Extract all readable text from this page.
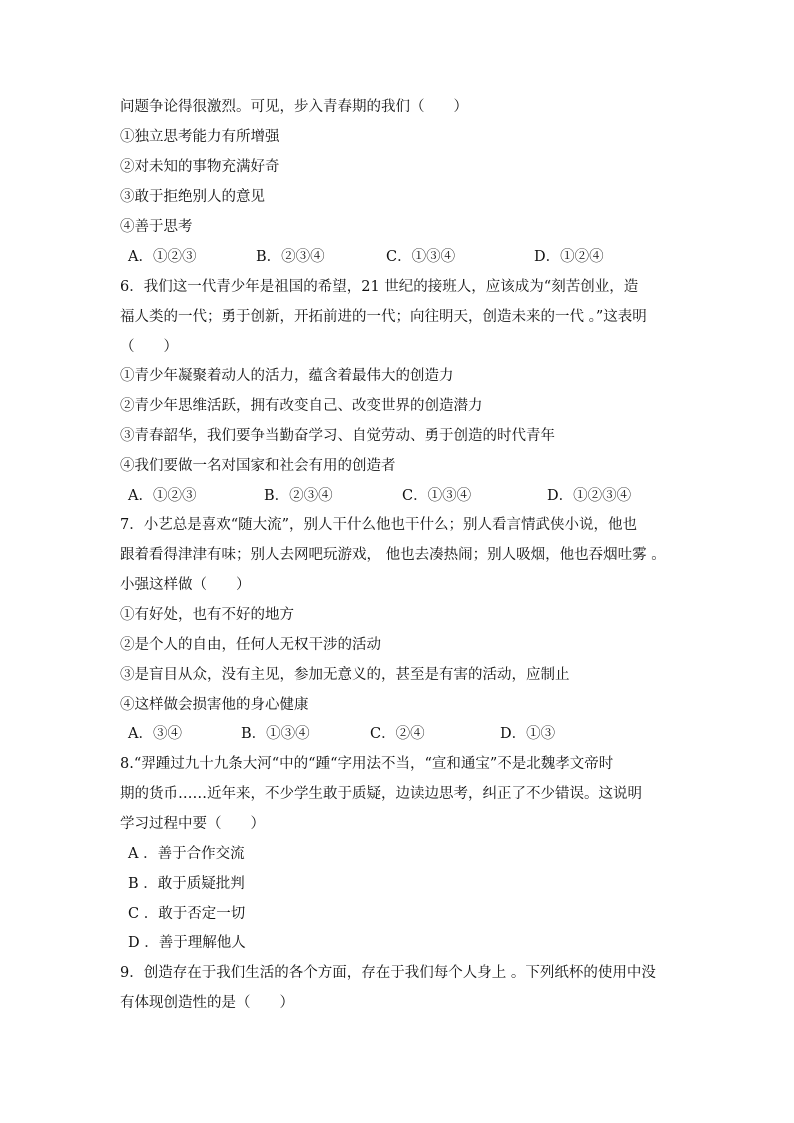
问题争论得很激烈。可见，步入青春期的我们（　　）
①独立思考能力有所增强
②对未知的事物充满好奇
③敢于拒绝别人的意见
④善于思考
A．①②③	B．②③④	C．①③④	D．①②④
6．我们这一代青少年是祖国的希望，21 世纪的接班人，应该成为“刻苦创业，造
福人类的一代；勇于创新，开拓前进的一代；向往明天，创造未来的一代 。”这表明
（　　）
①青少年凝聚着动人的活力，蕴含着最伟大的创造力
②青少年思维活跃，拥有改变自己、改变世界的创造潜力
③青春韶华，我们要争当勤奋学习、自觉劳动、勇于创造的时代青年
④我们要做一名对国家和社会有用的创造者
A．①②③	B．②③④	C．①③④	D．①②③④
7．小艺总是喜欢“随大流”，别人干什么他也干什么；别人看言情武侠小说，他也
跟着看得津津有味；别人去网吧玩游戏， 他也去凑热闹；别人吸烟，他也吞烟吐雾 。
小强这样做（　　）
①有好处，也有不好的地方
②是个人的自由，任何人无权干涉的活动
③是盲目从众，没有主见，参加无意义的，甚至是有害的活动，应制止
④这样做会损害他的身心健康
A．③④	B．①③④	C．②④	D．①③
8.“羿踵过九十九条大河“中的“踵“字用法不当，“宣和通宝”不是北魏孝文帝时
期的货币……近年来，不少学生敢于质疑，边读边思考，纠正了不少错误。这说明
学习过程中要（　　）
A ．善于合作交流
B ．敢于质疑批判
C ．敢于否定一切
D ．善于理解他人
9．创造存在于我们生活的各个方面，存在于我们每个人身上 。下列纸杯的使用中没
有体现创造性的是（　　）
